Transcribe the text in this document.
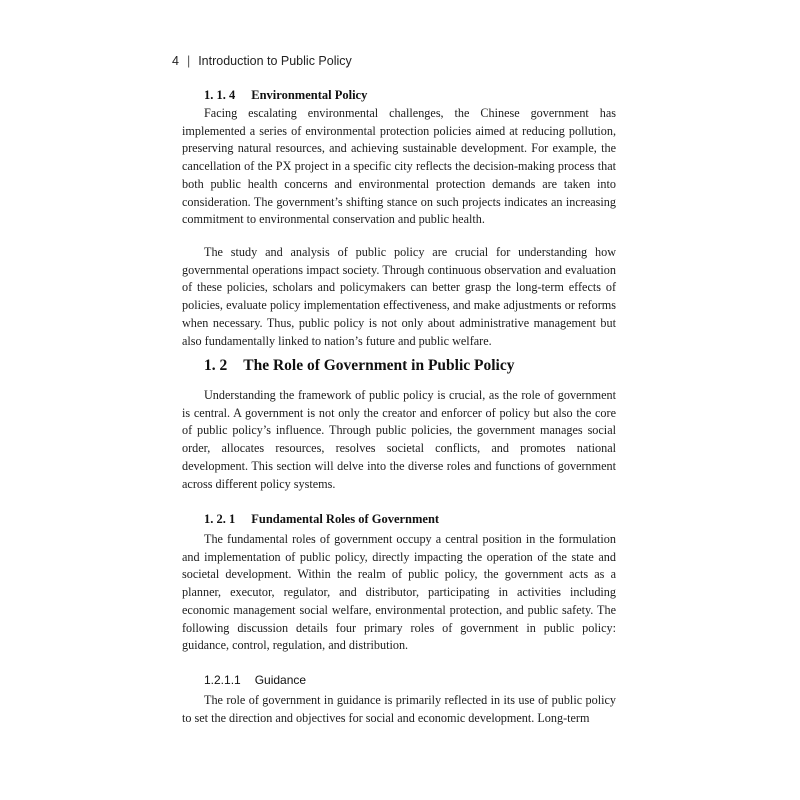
4 | Introduction to Public Policy
1. 1. 4 Environmental Policy

Facing escalating environmental challenges, the Chinese government has implemented a series of environmental protection policies aimed at reducing pollution, preserving natural resources, and achieving sustainable development. For example, the cancellation of the PX project in a specific city reflects the decision-making process that both public health concerns and environmental protection demands are taken into consideration. The government’s shifting stance on such projects indicates an increasing commitment to environmental conservation and public health.

The study and analysis of public policy are crucial for understanding how governmental operations impact society. Through continuous observation and evaluation of these policies, scholars and policymakers can better grasp the long-term effects of policies, evaluate policy implementation effectiveness, and make adjustments or reforms when necessary. Thus, public policy is not only about administrative management but also fundamentally linked to nation’s future and public welfare.

1. 2 The Role of Government in Public Policy

Understanding the framework of public policy is crucial, as the role of government is central. A government is not only the creator and enforcer of policy but also the core of public policy’s influence. Through public policies, the government manages social order, allocates resources, resolves societal conflicts, and promotes national development. This section will delve into the diverse roles and functions of government across different policy systems.

1. 2. 1 Fundamental Roles of Government

The fundamental roles of government occupy a central position in the formulation and implementation of public policy, directly impacting the operation of the state and societal development. Within the realm of public policy, the government acts as a planner, executor, regulator, and distributor, participating in activities including economic management social welfare, environmental protection, and public safety. The following discussion details four primary roles of government in public policy: guidance, control, regulation, and distribution.

1.2.1.1 Guidance

The role of government in guidance is primarily reflected in its use of public policy to set the direction and objectives for social and economic development. Long-term
